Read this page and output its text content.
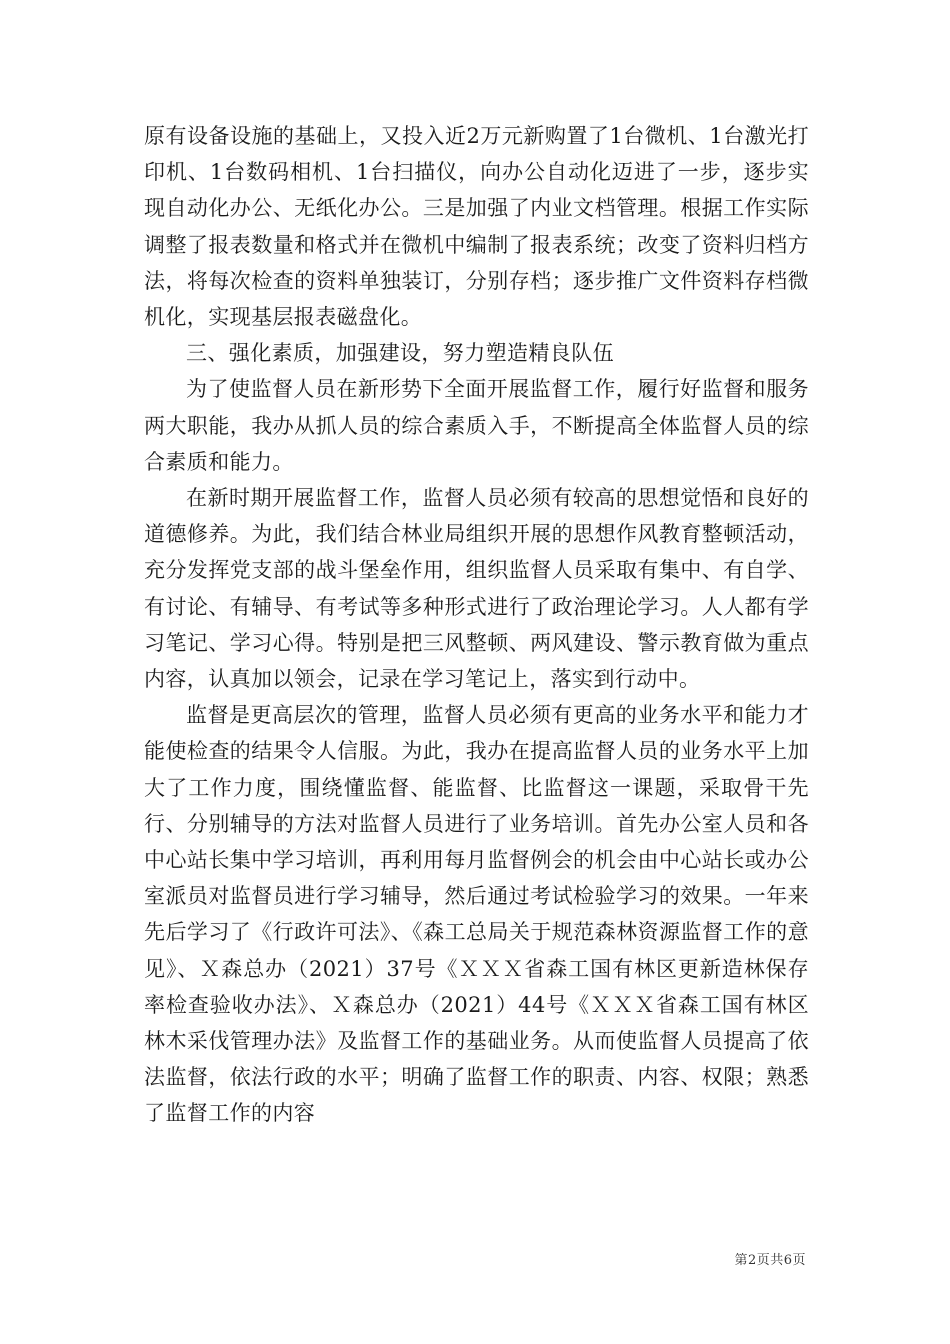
原有设备设施的基础上，又投入近2万元新购置了1台微机、1台激光打印机、1台数码相机、1台扫描仪，向办公自动化迈进了一步，逐步实现自动化办公、无纸化办公。三是加强了内业文档管理。根据工作实际调整了报表数量和格式并在微机中编制了报表系统；改变了资料归档方法，将每次检查的资料单独装订，分别存档；逐步推广文件资料存档微机化，实现基层报表磁盘化。

三、强化素质，加强建设，努力塑造精良队伍

为了使监督人员在新形势下全面开展监督工作，履行好监督和服务两大职能，我办从抓人员的综合素质入手，不断提高全体监督人员的综合素质和能力。

在新时期开展监督工作，监督人员必须有较高的思想觉悟和良好的道德修养。为此，我们结合林业局组织开展的思想作风教育整顿活动，充分发挥党支部的战斗堡垒作用，组织监督人员采取有集中、有自学、有讨论、有辅导、有考试等多种形式进行了政治理论学习。人人都有学习笔记、学习心得。特别是把三风整顿、两风建设、警示教育做为重点内容，认真加以领会，记录在学习笔记上，落实到行动中。

监督是更高层次的管理，监督人员必须有更高的业务水平和能力才能使检查的结果令人信服。为此，我办在提高监督人员的业务水平上加大了工作力度，围绕懂监督、能监督、比监督这一课题，采取骨干先行、分别辅导的方法对监督人员进行了业务培训。首先办公室人员和各中心站长集中学习培训，再利用每月监督例会的机会由中心站长或办公室派员对监督员进行学习辅导，然后通过考试检验学习的效果。一年来先后学习了《行政许可法》、《森工总局关于规范森林资源监督工作的意见》、Ｘ森总办（2021）37号《ＸＸＸ省森工国有林区更新造林保存率检查验收办法》、Ｘ森总办（2021）44号《ＸＸＸ省森工国有林区林木采伐管理办法》及监督工作的基础业务。从而使监督人员提高了依法监督，依法行政的水平；明确了监督工作的职责、内容、权限；熟悉了监督工作的内容

第2页共6页
